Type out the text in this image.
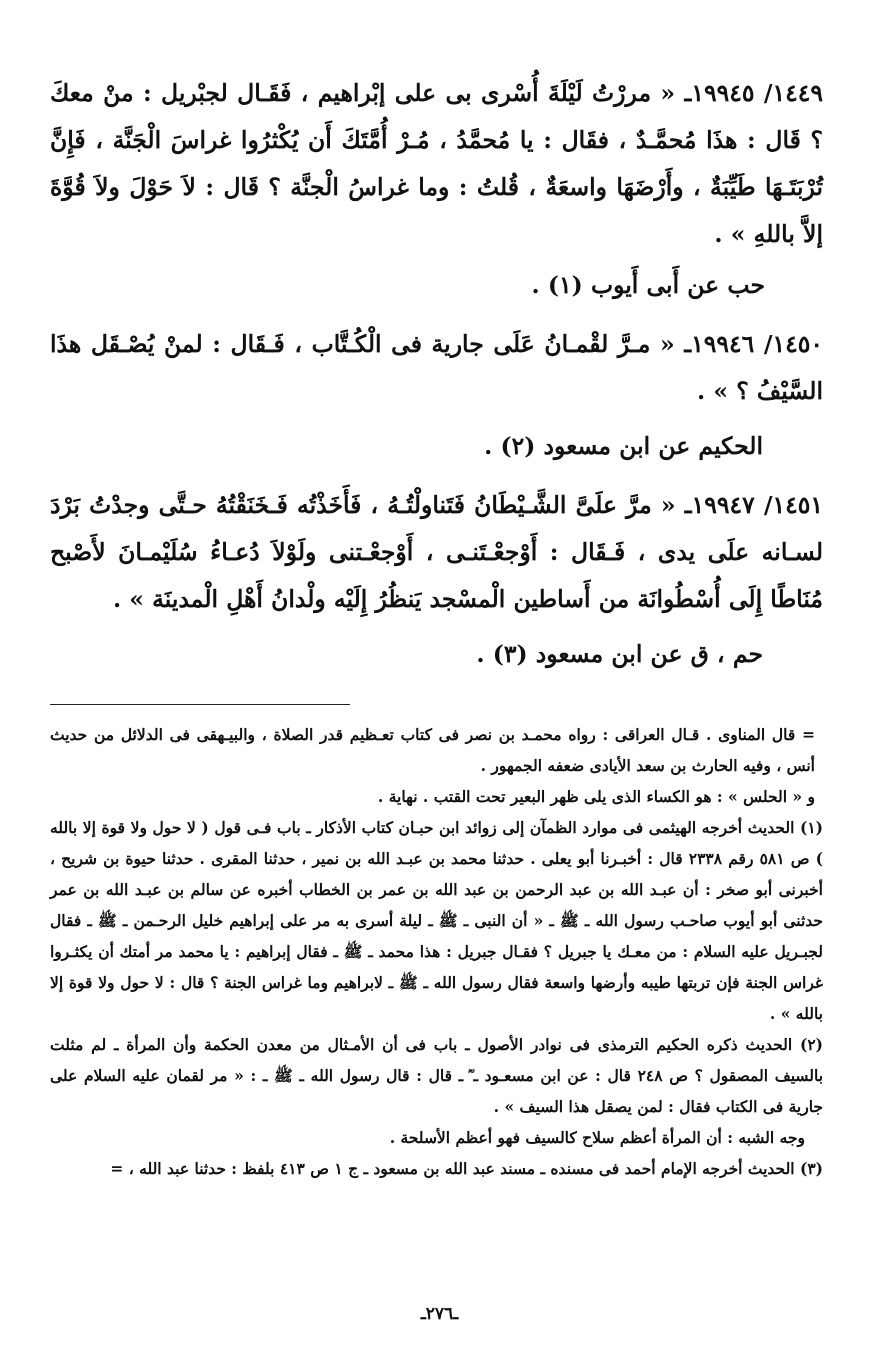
١٤٤٩/ ١٩٩٤٥ـ « مررْتُ لَيْلَةَ أُسْرى بى على إبْراهيم ، فَقَـال لجبْريل : منْ معكَ ؟ قَال : هذَا مُحمَّـدٌ ، فقَال : يا مُحمَّدُ ، مُـرْ أُمَّتَكَ أَن يُكْثرُوا غراسَ الْجَنَّة ، فَإِنَّ تُرْبَتَـهَا طَيِّبَةٌ ، وأَرْضَهَا واسعَةٌ ، قُلتُ : وما غراسُ الْجنَّة ؟ قَال : لاَ حَوْلَ ولاَ قُوَّةَ إلاَّ باللهِ » .

حب عن أَبى أَيوب (١) .

١٤٥٠/ ١٩٩٤٦ـ « مـرَّ لقْمـانُ عَلَى جارية فى الْكُـتَّاب ، فَـقَال : لمنْ يُصْـقَل هذَا السَّيْفُ ؟ » .

الحكيم عن ابن مسعود (٢) .

١٤٥١/ ١٩٩٤٧ـ « مرَّ علَىَّ الشَّـيْطَانُ فَتَناولْتُـهُ ، فَأَخَذْتُه فَـخَنَقْتُهُ حـتَّى وجدْتُ بَرْدَ لسـانه علَى يدى ، فَـقَال : أَوْجعْـتَنـى ، أَوْجعْـتنى ولَوْلاَ دُعـاءُ سُلَيْمـانَ لأَصْبح مُنَاطًا إِلَى أُسْطُوانَة من أَساطين الْمسْجد يَنظُرُ إِلَيْه ولْدانُ أَهْلِ الْمدينَة » .

حم ، ق عن ابن مسعود (٣) .

= قال المناوى . قـال العراقى : رواه محمـد بن نصر فى كتاب تعـظيم قدر الصلاة ، والبيـهقى فى الدلائل من حديث أنس ، وفيه الحارث بن سعد الأيادى ضعفه الجمهور .

و « الحلس » : هو الكساء الذى يلى ظهر البعير تحت القتب . نهاية .

(١) الحديث أخرجه الهيثمى فى موارد الظمآن إلى زوائد ابن حبـان كتاب الأذكار ـ باب فـى قول ( لا حول ولا قوة إلا بالله ) ص ٥٨١ رقم ٢٣٣٨ قال : أخبـرنا أبو يعلى . حدثنا محمد بن عبـد الله بن نمير ، حدثنا المقرى . حدثنا حيوة بن شريح ، أخبرنى أبو صخر : أن عبـد الله بن عبد الرحمن بن عبد الله بن عمر بن الخطاب أخبره عن سالم بن عبـد الله بن عمر حدثنى أبو أيوب صاحـب رسول الله ـ ﷺ ـ « أن النبى ـ ﷺ ـ ليلة أسرى به مر على إبراهيم خليل الرحـمن ـ ﷺ ـ فقال لجبـريل عليه السلام : من معـك يا جبريل ؟ فقـال جبريل : هذا محمد ـ ﷺ ـ فقال إبراهيم : يا محمد مر أمتك أن يكثـروا غراس الجنة فإن تربتها طيبه وأرضها واسعة فقال رسول الله ـ ﷺ ـ لابراهيم وما غراس الجنة ؟ قال : لا حول ولا قوة إلا بالله » .

(٢) الحديث ذكره الحكيم الترمذى فى نوادر الأصول ـ باب فى أن الأمـثال من معدن الحكمة وأن المرأة ـ لم مثلت بالسيف المصقول ؟ ص ٢٤٨ قال : عن ابن مسعـود ـ ؓ ـ قال : قال رسول الله ـ ﷺ ـ : « مر لقمان عليه السلام على جارية فى الكتاب فقال : لمن يصقل هذا السيف » .

وجه الشبه : أن المرأة أعظم سلاح كالسيف فهو أعظم الأسلحة .

(٣) الحديث أخرجه الإمام أحمد فى مسنده ـ مسند عبد الله بن مسعود ـ ج ١ ص ٤١٣ بلفظ : حدثنا عبد الله ، =

ـ٢٧٦ـ
